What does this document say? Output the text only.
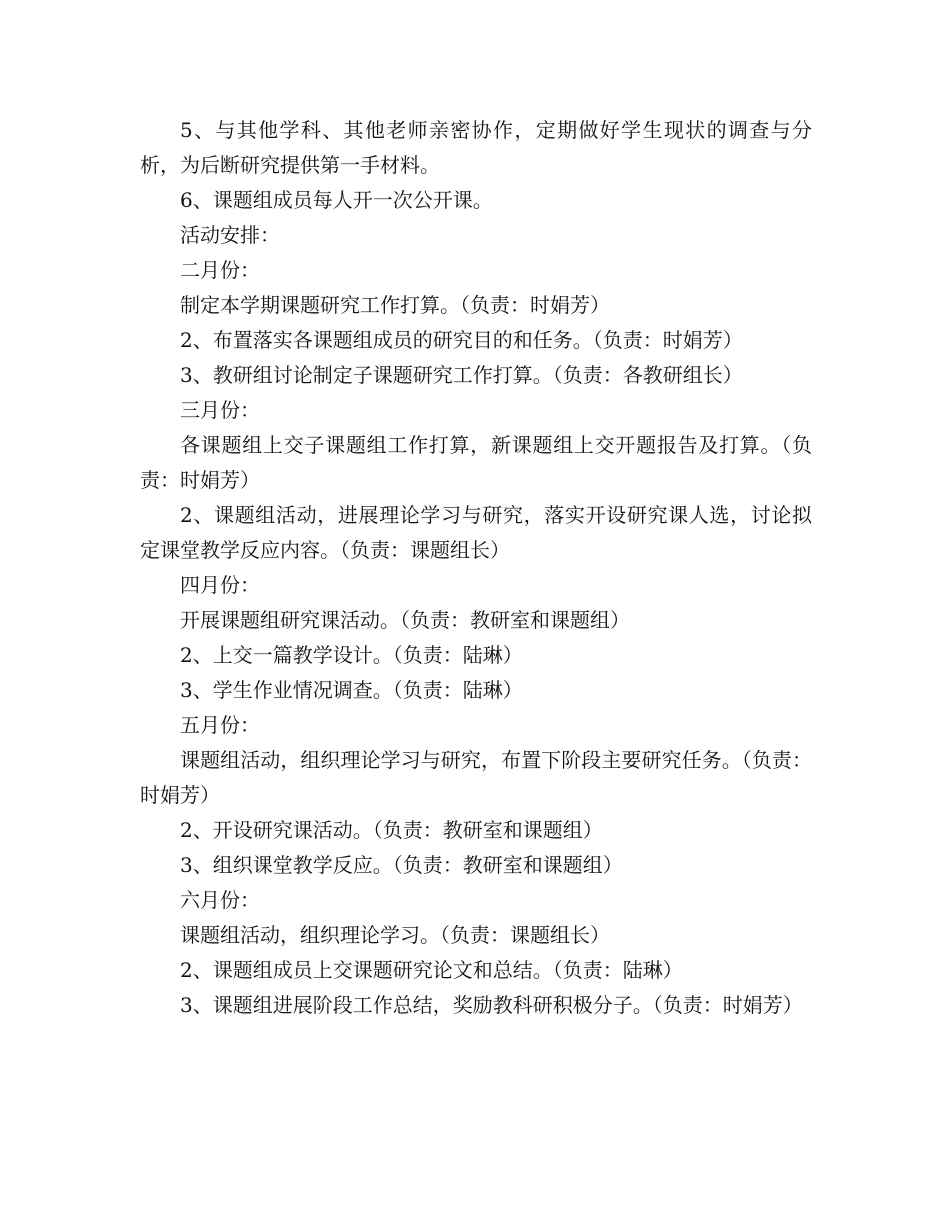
5、与其他学科、其他老师亲密协作，定期做好学生现状的调查与分析，为后断研究提供第一手材料。

6、课题组成员每人开一次公开课。

活动安排：

二月份：

制定本学期课题研究工作打算。（负责：时娟芳）

2、布置落实各课题组成员的研究目的和任务。（负责：时娟芳）

3、教研组讨论制定子课题研究工作打算。（负责：各教研组长）

三月份：

各课题组上交子课题组工作打算，新课题组上交开题报告及打算。（负责：时娟芳）

2、课题组活动，进展理论学习与研究，落实开设研究课人选，讨论拟定课堂教学反应内容。（负责：课题组长）

四月份：

开展课题组研究课活动。（负责：教研室和课题组）

2、上交一篇教学设计。（负责：陆琳）

3、学生作业情况调查。（负责：陆琳）

五月份：

课题组活动，组织理论学习与研究，布置下阶段主要研究任务。（负责：时娟芳）

2、开设研究课活动。（负责：教研室和课题组）

3、组织课堂教学反应。（负责：教研室和课题组）

六月份：

课题组活动，组织理论学习。（负责：课题组长）

2、课题组成员上交课题研究论文和总结。（负责：陆琳）

3、课题组进展阶段工作总结，奖励教科研积极分子。（负责：时娟芳）
